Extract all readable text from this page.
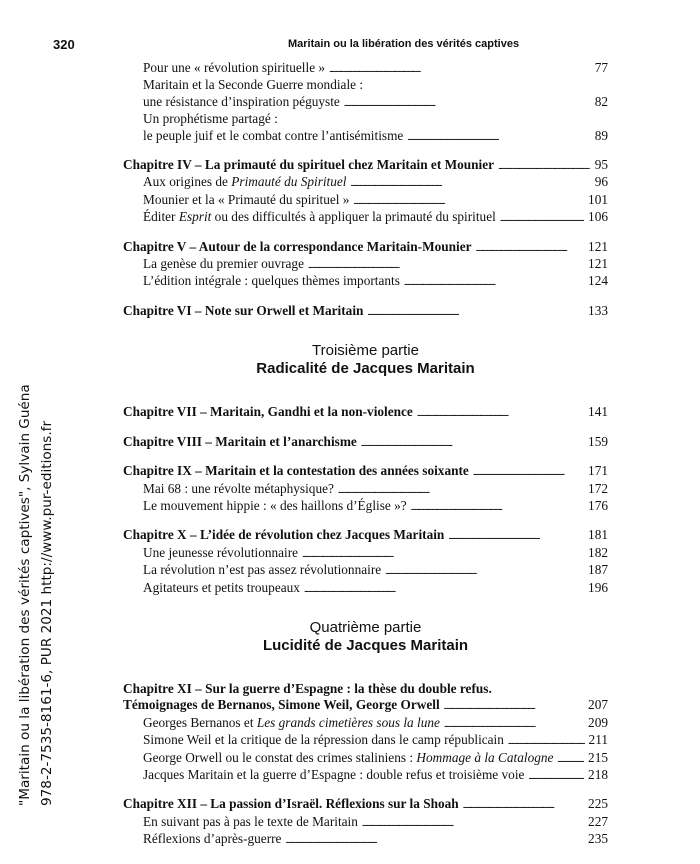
320	Maritain ou la libération des vérités captives
Pour une « révolution spirituelle » . . .	77
Maritain et la Seconde Guerre mondiale :
une résistance d’inspiration péguyste . . .	82
Un prophétisme partagé :
le peuple juif et le combat contre l’antisémitisme . . .	89
Chapitre IV – La primauté du spirituel chez Maritain et Mounier . . .	95
Aux origines de Primauté du Spirituel . . .	96
Mounier et la « Primauté du spirituel » . . .	101
Éditer Esprit ou des difficultés à appliquer la primauté du spirituel . . .	106
Chapitre V – Autour de la correspondance Maritain-Mounier . . .	121
La genèse du premier ouvrage . . .	121
L’édition intégrale : quelques thèmes importants . . .	124
Chapitre VI – Note sur Orwell et Maritain . . .	133
Troisième partie
Radicalité de Jacques Maritain
Chapitre VII – Maritain, Gandhi et la non-violence . . .	141
Chapitre VIII – Maritain et l’anarchisme . . .	159
Chapitre IX – Maritain et la contestation des années soixante . . .	171
Mai 68 : une révolte métaphysique? . . .	172
Le mouvement hippie : « des haillons d’Église »? . . .	176
Chapitre X – L’idée de révolution chez Jacques Maritain . . .	181
Une jeunesse révolutionnaire . . .	182
La révolution n’est pas assez révolutionnaire . . .	187
Agitateurs et petits troupeaux . . .	196
Quatrième partie
Lucidité de Jacques Maritain
Chapitre XI – Sur la guerre d’Espagne : la thèse du double refus.
Témoignages de Bernanos, Simone Weil, George Orwell . . .	207
Georges Bernanos et Les grands cimetières sous la lune . . .	209
Simone Weil et la critique de la répression dans le camp républicain . . .	211
George Orwell ou le constat des crimes staliniens : Hommage à la Catalogne . . .	215
Jacques Maritain et la guerre d’Espagne : double refus et troisième voie . . .	218
Chapitre XII – La passion d’Israël. Réflexions sur la Shoah . . .	225
En suivant pas à pas le texte de Maritain . . .	227
Réflexions d’après-guerre . . .	235
"Maritain ou la libération des vérités captives", Sylvain Guéna 978-2-7535-8161-6, PUR 2021 http://www.pur-editions.fr
